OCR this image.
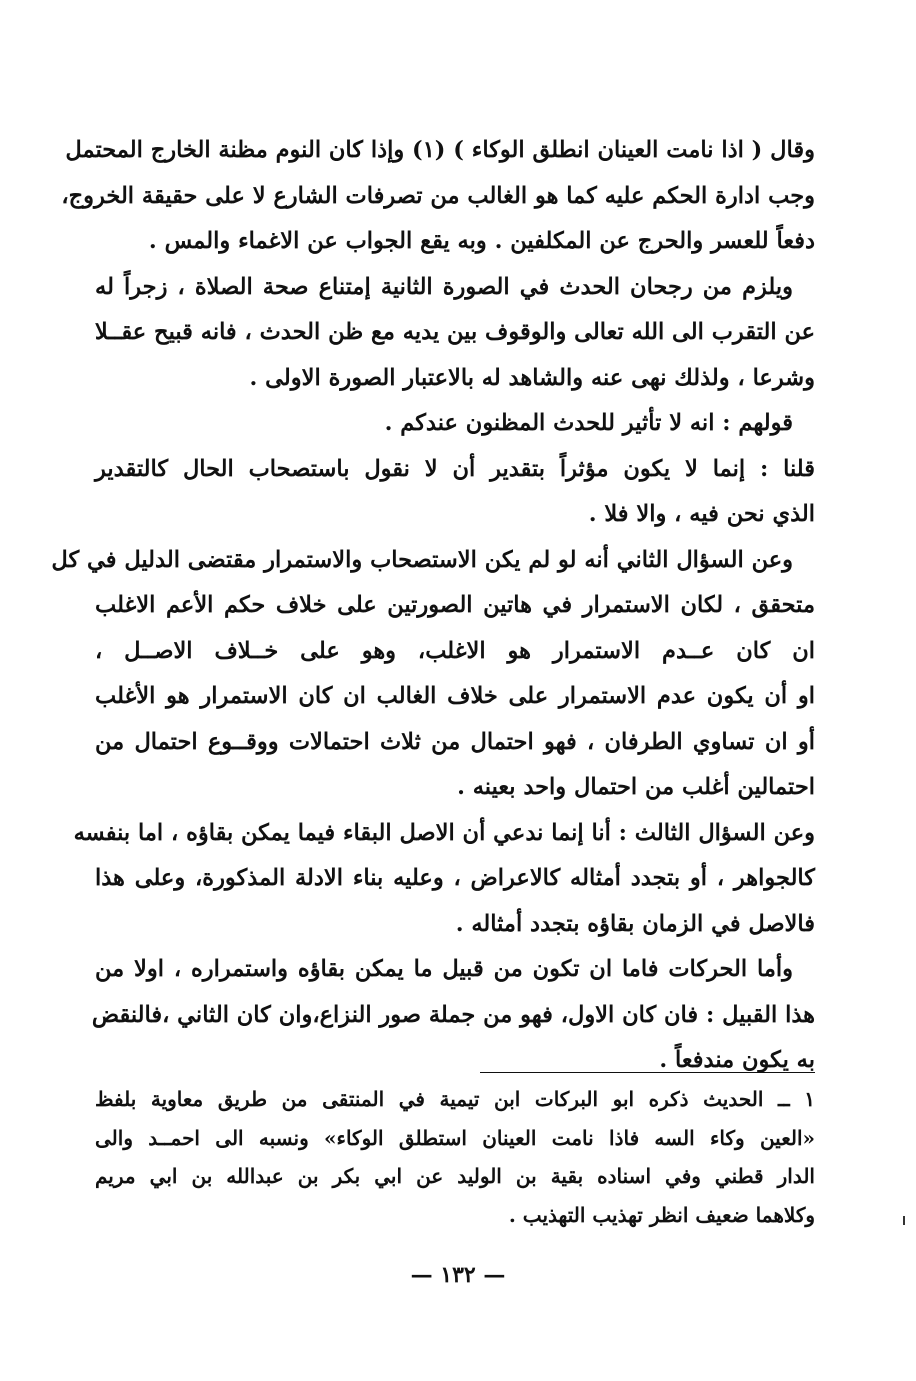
وقال ( اذا نامت العينان انطلق الوكاء ) (١) وإذا كان النوم مظنة الخارج المحتمل
وجب ادارة الحكم عليه كما هو الغالب من تصرفات الشارع لا على حقيقة الخروج،
دفعاً للعسر والحرج عن المكلفين . وبه يقع الجواب عن الاغماء والمس .
ويلزم من رجحان الحدث في الصورة الثانية إمتناع صحة الصلاة ، زجراً له
عن التقرب الى الله تعالى والوقوف بين يديه مع ظن الحدث ، فانه قبيح عقــلا
وشرعا ، ولذلك نهى عنه والشاهد له بالاعتبار الصورة الاولى .
قولهم : انه لا تأثير للحدث المظنون عندكم .
قلنا : إنما لا يكون مؤثراً بتقدير أن لا نقول باستصحاب الحال كالتقدير
الذي نحن فيه ، والا فلا .
وعن السؤال الثاني أنه لو لم يكن الاستصحاب والاستمرار مقتضى الدليل في كل
متحقق ، لكان الاستمرار في هاتين الصورتين على خلاف حكم الأعم الاغلب
ان كان عــدم الاستمرار هو الاغلب، وهو على خــلاف الاصــل ،
او أن يكون عدم الاستمرار على خلاف الغالب ان كان الاستمرار هو الأغلب
أو ان تساوي الطرفان ، فهو احتمال من ثلاث احتمالات ووقــوع احتمال من
احتمالين أغلب من احتمال واحد بعينه .
وعن السؤال الثالث : أنا إنما ندعي أن الاصل البقاء فيما يمكن بقاؤه ، اما بنفسه
كالجواهر ، أو بتجدد أمثاله كالاعراض ، وعليه بناء الادلة المذكورة، وعلى هذا
فالاصل في الزمان بقاؤه بتجدد أمثاله .
وأما الحركات فاما ان تكون من قبيل ما يمكن بقاؤه واستمراره ، اولا من
هذا القبيل : فان كان الاول، فهو من جملة صور النزاع،وان كان الثاني ،فالنقض
به يكون مندفعاً .
١ ــ الحديث ذكره ابو البركات ابن تيمية في المنتقى من طريق معاوية بلفظ
«العين وكاء السه فاذا نامت العينان استطلق الوكاء» ونسبه الى احمــد والى
الدار قطني وفي اسناده بقية بن الوليد عن ابي بكر بن عبدالله بن ابي مريم
وكلاهما ضعيف انظر تهذيب التهذيب .
— ١٣٢ —
